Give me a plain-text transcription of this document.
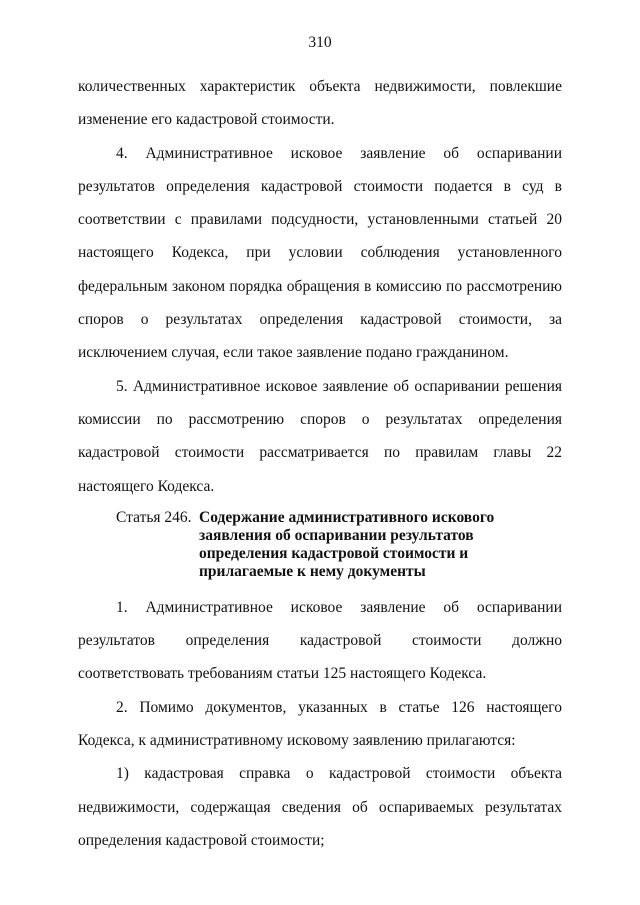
310

количественных характеристик объекта недвижимости, повлекшие изменение его кадастровой стоимости.

4. Административное исковое заявление об оспаривании результатов определения кадастровой стоимости подается в суд в соответствии с правилами подсудности, установленными статьей 20 настоящего Кодекса, при условии соблюдения установленного федеральным законом порядка обращения в комиссию по рассмотрению споров о результатах определения кадастровой стоимости, за исключением случая, если такое заявление подано гражданином.

5. Административное исковое заявление об оспаривании решения комиссии по рассмотрению споров о результатах определения кадастровой стоимости рассматривается по правилам главы 22 настоящего Кодекса.

Статья 246. Содержание административного искового заявления об оспаривании результатов определения кадастровой стоимости и прилагаемые к нему документы

1. Административное исковое заявление об оспаривании результатов определения кадастровой стоимости должно соответствовать требованиям статьи 125 настоящего Кодекса.

2. Помимо документов, указанных в статье 126 настоящего Кодекса, к административному исковому заявлению прилагаются:

1) кадастровая справка о кадастровой стоимости объекта недвижимости, содержащая сведения об оспариваемых результатах определения кадастровой стоимости;
